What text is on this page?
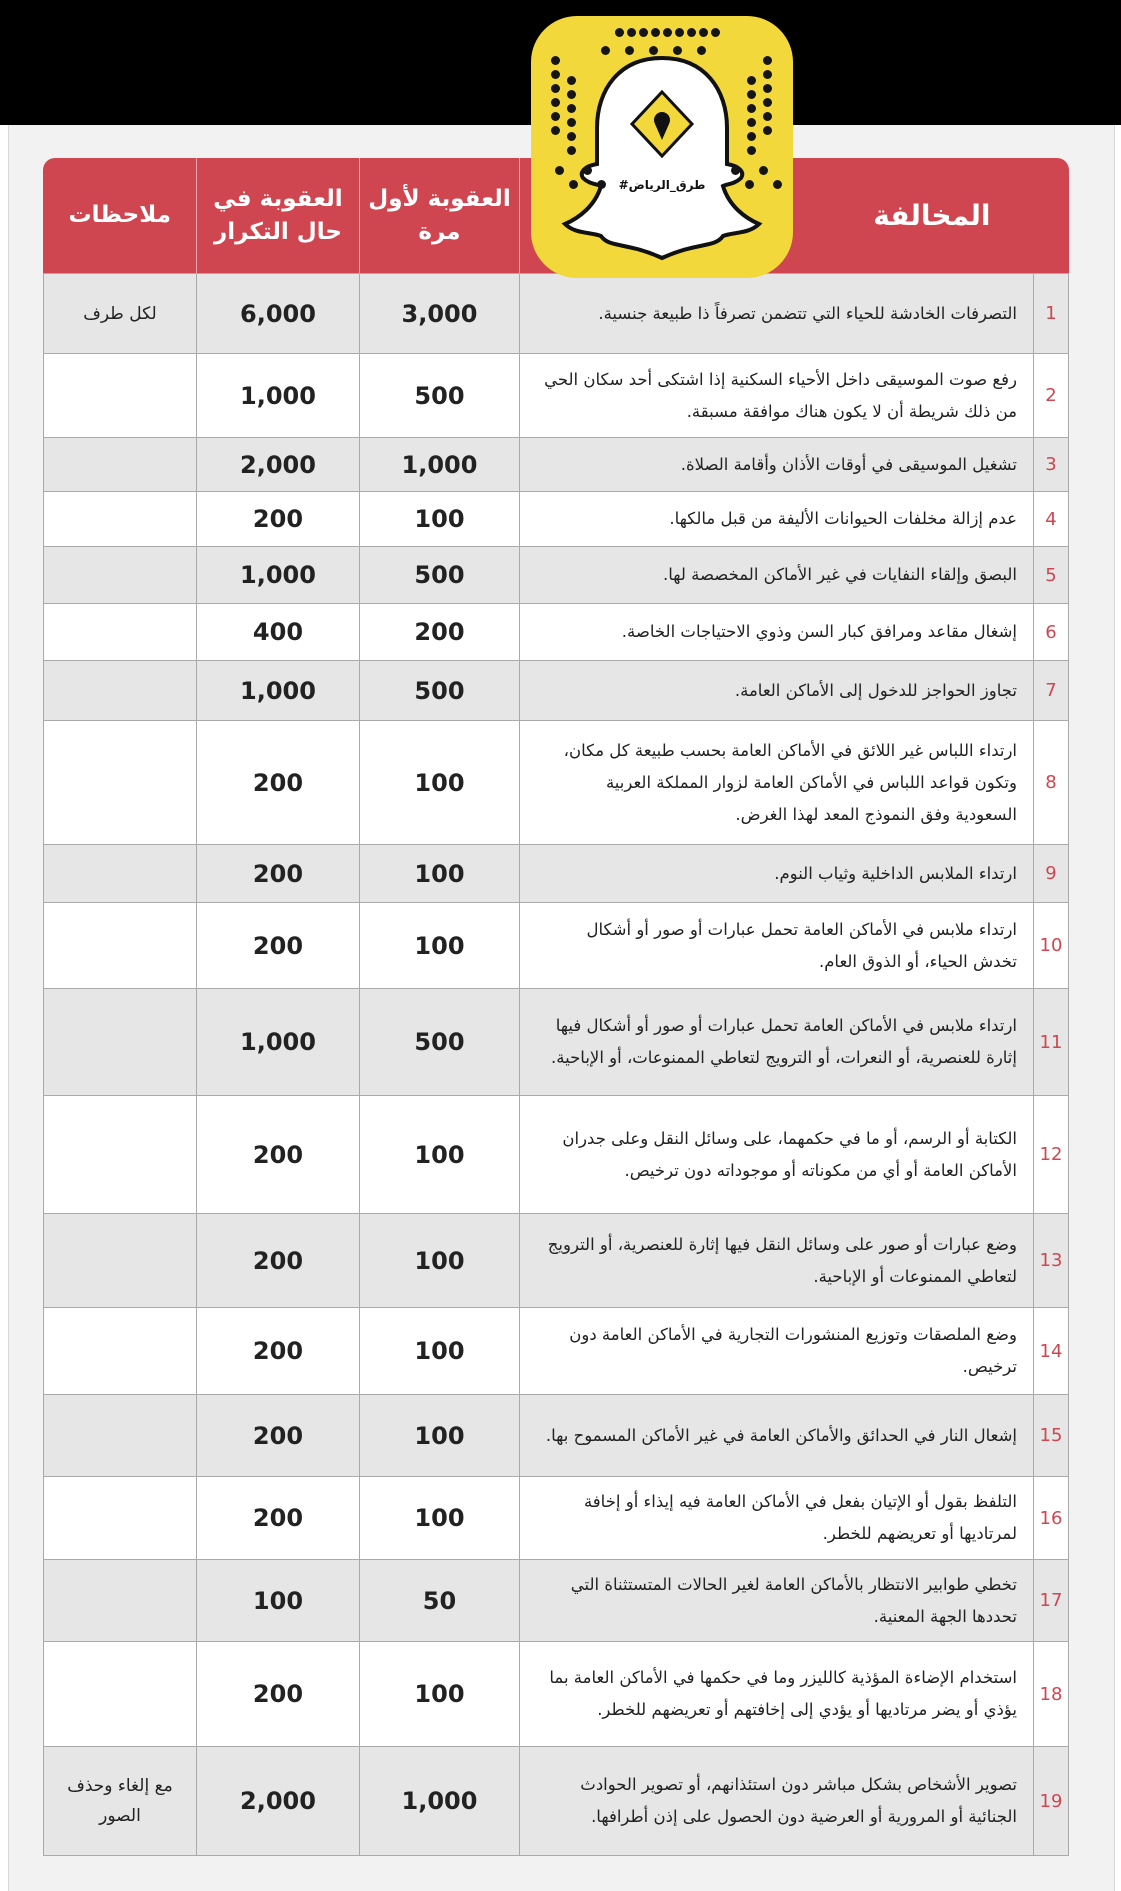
المخالفة		العقوبة لأول مرة	العقوبة في حال التكرار	ملاحظات
1	التصرفات الخادشة للحياء التي تتضمن تصرفاً ذا طبيعة جنسية.	3,000	6,000	لكل طرف
2	رفع صوت الموسيقى داخل الأحياء السكنية إذا اشتكى أحد سكان الحي من ذلك شريطة أن لا يكون هناك موافقة مسبقة.	500	1,000	
3	تشغيل الموسيقى في أوقات الأذان وأقامة الصلاة.	1,000	2,000	
4	عدم إزالة مخلفات الحيوانات الأليفة من قبل مالكها.	100	200	
5	البصق وإلقاء النفايات في غير الأماكن المخصصة لها.	500	1,000	
6	إشغال مقاعد ومرافق كبار السن وذوي الاحتياجات الخاصة.	200	400	
7	تجاوز الحواجز للدخول إلى الأماكن العامة.	500	1,000	
8	ارتداء اللباس غير اللائق في الأماكن العامة بحسب طبيعة كل مكان، وتكون قواعد اللباس في الأماكن العامة لزوار المملكة العربية السعودية وفق النموذج المعد لهذا الغرض.	100	200	
9	ارتداء الملابس الداخلية وثياب النوم.	100	200	
10	ارتداء ملابس في الأماكن العامة تحمل عبارات أو صور أو أشكال تخدش الحياء، أو الذوق العام.	100	200	
11	ارتداء ملابس في الأماكن العامة تحمل عبارات أو صور أو أشكال فيها إثارة للعنصرية، أو النعرات، أو الترويج لتعاطي الممنوعات، أو الإباحية.	500	1,000	
12	الكتابة أو الرسم، أو ما في حكمهما، على وسائل النقل وعلى جدران الأماكن العامة أو أي من مكوناته أو موجوداته دون ترخيص.	100	200	
13	وضع عبارات أو صور على وسائل النقل فيها إثارة للعنصرية، أو الترويج لتعاطي الممنوعات أو الإباحية.	100	200	
14	وضع الملصقات وتوزيع المنشورات التجارية في الأماكن العامة دون ترخيص.	100	200	
15	إشعال النار في الحدائق والأماكن العامة في غير الأماكن المسموح بها.	100	200	
16	التلفظ بقول أو الإتيان بفعل في الأماكن العامة فيه إيذاء أو إخافة لمرتاديها أو تعريضهم للخطر.	100	200	
17	تخطي طوابير الانتظار بالأماكن العامة لغير الحالات المتستثناة التي تحددها الجهة المعنية.	50	100	
18	استخدام الإضاءة المؤذية كالليزر وما في حكمها في الأماكن العامة بما يؤذي أو يضر مرتاديها أو يؤدي إلى إخافتهم أو تعريضهم للخطر.	100	200	
19	تصوير الأشخاص بشكل مباشر دون استئذانهم، أو تصوير الحوادث الجنائية أو المرورية أو العرضية دون الحصول على إذن أطرافها.	1,000	2,000	مع إلغاء وحذف الصور
#طرق_الرياض
